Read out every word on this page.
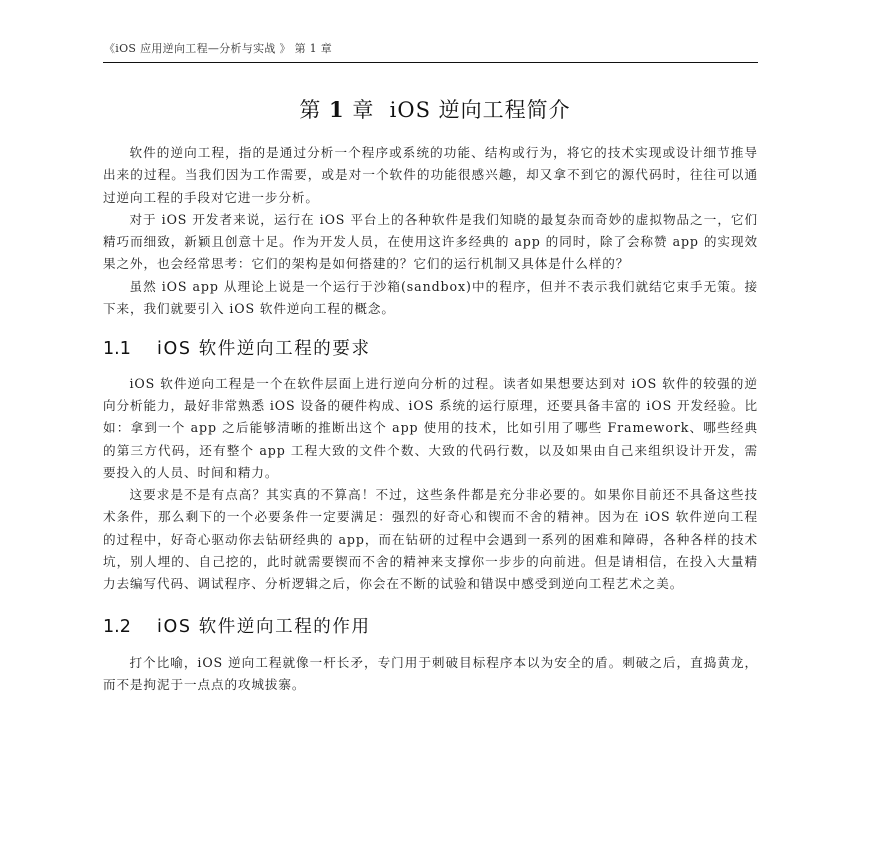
《iOS 应用逆向工程—分析与实战 》 第 1 章
第 1 章 iOS 逆向工程简介

软件的逆向工程，指的是通过分析一个程序或系统的功能、结构或行为，将它的技术实现或设计细节推导出来的过程。当我们因为工作需要，或是对一个软件的功能很感兴趣，却又拿不到它的源代码时，往往可以通过逆向工程的手段对它进一步分析。

对于 iOS 开发者来说，运行在 iOS 平台上的各种软件是我们知晓的最复杂而奇妙的虚拟物品之一，它们精巧而细致，新颖且创意十足。作为开发人员，在使用这许多经典的 app 的同时，除了会称赞 app 的实现效果之外，也会经常思考：它们的架构是如何搭建的？它们的运行机制又具体是什么样的？

虽然 iOS app 从理论上说是一个运行于沙箱(sandbox)中的程序，但并不表示我们就结它束手无策。接下来，我们就要引入 iOS 软件逆向工程的概念。

1.1 iOS 软件逆向工程的要求

iOS 软件逆向工程是一个在软件层面上进行逆向分析的过程。读者如果想要达到对 iOS 软件的较强的逆向分析能力，最好非常熟悉 iOS 设备的硬件构成、iOS 系统的运行原理，还要具备丰富的 iOS 开发经验。比如：拿到一个 app 之后能够清晰的推断出这个 app 使用的技术，比如引用了哪些 Framework、哪些经典的第三方代码，还有整个 app 工程大致的文件个数、大致的代码行数，以及如果由自己来组织设计开发，需要投入的人员、时间和精力。

这要求是不是有点高？其实真的不算高！不过，这些条件都是充分非必要的。如果你目前还不具备这些技术条件，那么剩下的一个必要条件一定要满足：强烈的好奇心和锲而不舍的精神。因为在 iOS 软件逆向工程的过程中，好奇心驱动你去钻研经典的 app，而在钻研的过程中会遇到一系列的困难和障碍，各种各样的技术坑，别人埋的、自己挖的，此时就需要锲而不舍的精神来支撑你一步步的向前进。但是请相信，在投入大量精力去编写代码、调试程序、分析逻辑之后，你会在不断的试验和错误中感受到逆向工程艺术之美。

1.2 iOS 软件逆向工程的作用

打个比喻，iOS 逆向工程就像一杆长矛，专门用于刺破目标程序本以为安全的盾。刺破之后，直捣黄龙，而不是拘泥于一点点的攻城拔寨。
